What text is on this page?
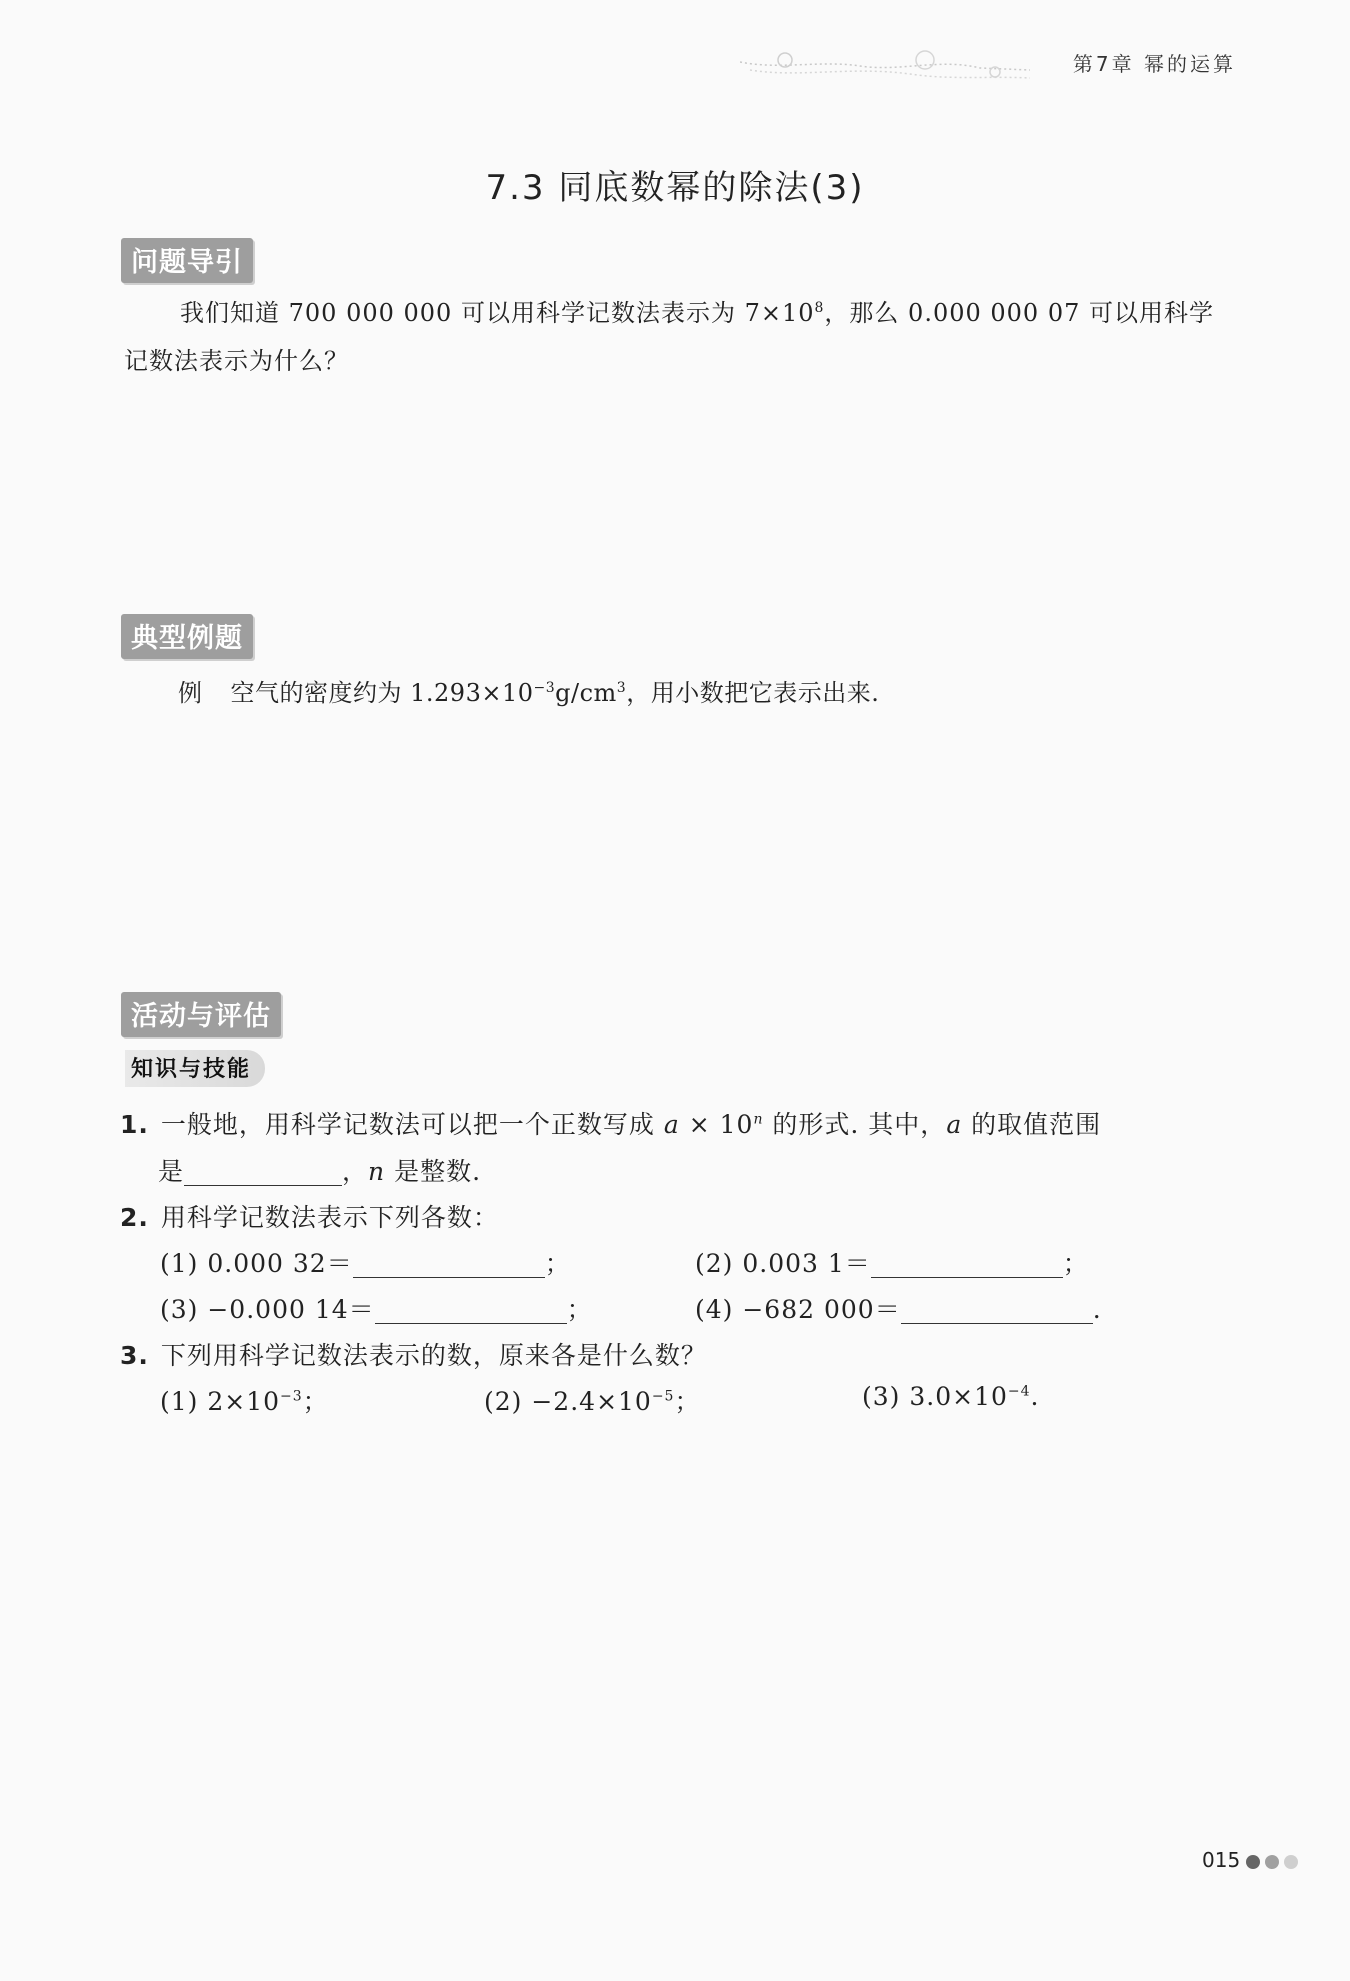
第7章 幂的运算
7.3 同底数幂的除法(3)
问题导引
我们知道 700 000 000 可以用科学记数法表示为 $7\times 10^8$，那么 0.000 000 07 可以用科学记数法表示为什么？
典型例题
例 空气的密度约为 $1.293\times 10^{-3}g/cm^3$，用小数把它表示出来.
活动与评估
知识与技能
1. 一般地，用科学记数法可以把一个正数写成 $a \times 10^n$ 的形式. 其中，a 的取值范围
是	，n 是整数.
2. 用科学记数法表示下列各数：
(1) 0.000 32＝	；	(2) 0.003 1＝	；
(3) −0.000 14＝	；	(4) −682 000＝	.
3. 下列用科学记数法表示的数，原来各是什么数？
(1) $2\times 10^{-3}$；	$(2) -2.4\times 10^{-5}$；	(3) $3.0\times 10^{-4}$.
015
